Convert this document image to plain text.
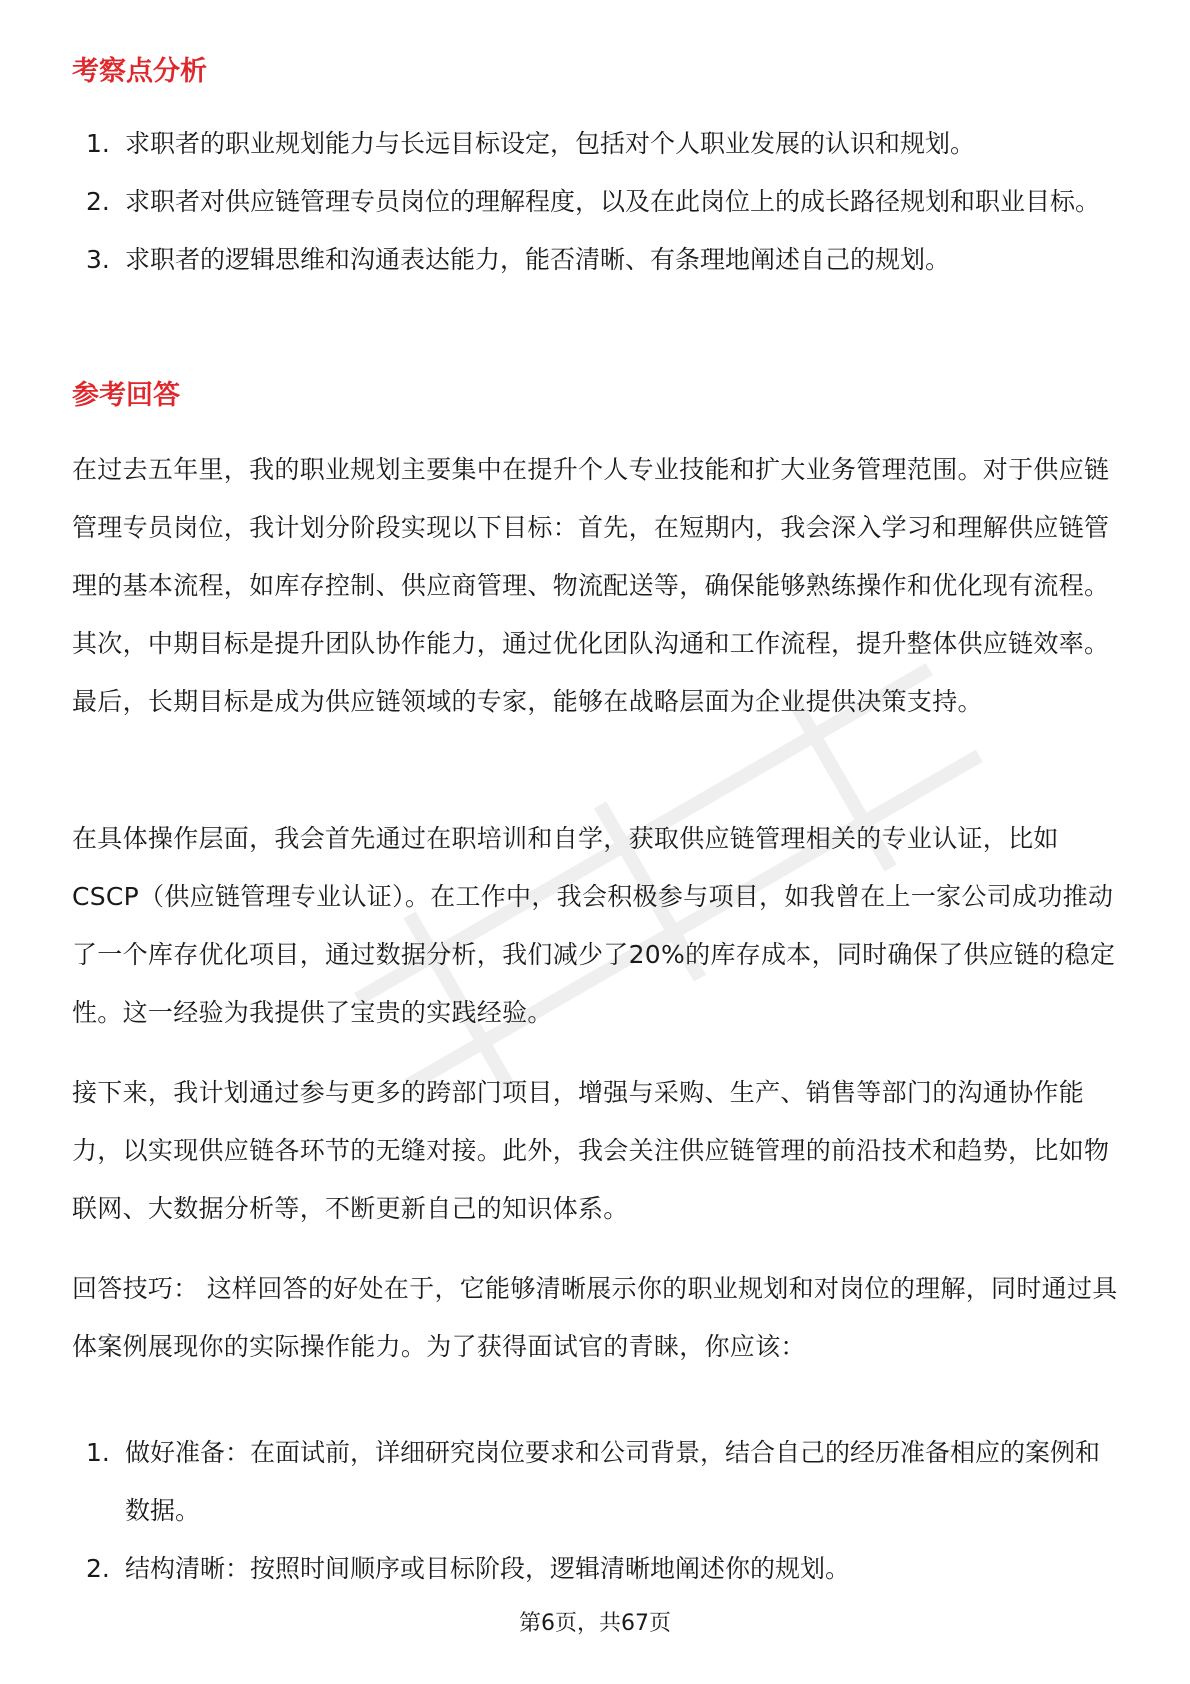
考察点分析
1. 求职者的职业规划能力与长远目标设定，包括对个人职业发展的认识和规划。
2. 求职者对供应链管理专员岗位的理解程度，以及在此岗位上的成长路径规划和职业目标。
3. 求职者的逻辑思维和沟通表达能力，能否清晰、有条理地阐述自己的规划。
参考回答

在过去五年里，我的职业规划主要集中在提升个人专业技能和扩大业务管理范围。对于供应链管理专员岗位，我计划分阶段实现以下目标：首先，在短期内，我会深入学习和理解供应链管理的基本流程，如库存控制、供应商管理、物流配送等，确保能够熟练操作和优化现有流程。其次，中期目标是提升团队协作能力，通过优化团队沟通和工作流程，提升整体供应链效率。最后，长期目标是成为供应链领域的专家，能够在战略层面为企业提供决策支持。

在具体操作层面，我会首先通过在职培训和自学，获取供应链管理相关的专业认证，比如CSCP（供应链管理专业认证）。在工作中，我会积极参与项目，如我曾在上一家公司成功推动了一个库存优化项目，通过数据分析，我们减少了20%的库存成本，同时确保了供应链的稳定性。这一经验为我提供了宝贵的实践经验。

接下来，我计划通过参与更多的跨部门项目，增强与采购、生产、销售等部门的沟通协作能力，以实现供应链各环节的无缝对接。此外，我会关注供应链管理的前沿技术和趋势，比如物联网、大数据分析等，不断更新自己的知识体系。

回答技巧： 这样回答的好处在于，它能够清晰展示你的职业规划和对岗位的理解，同时通过具体案例展现你的实际操作能力。为了获得面试官的青睐，你应该：

1. 做好准备：在面试前，详细研究岗位要求和公司背景，结合自己的经历准备相应的案例和数据。
2. 结构清晰：按照时间顺序或目标阶段，逻辑清晰地阐述你的规划。
第6页，共67页
